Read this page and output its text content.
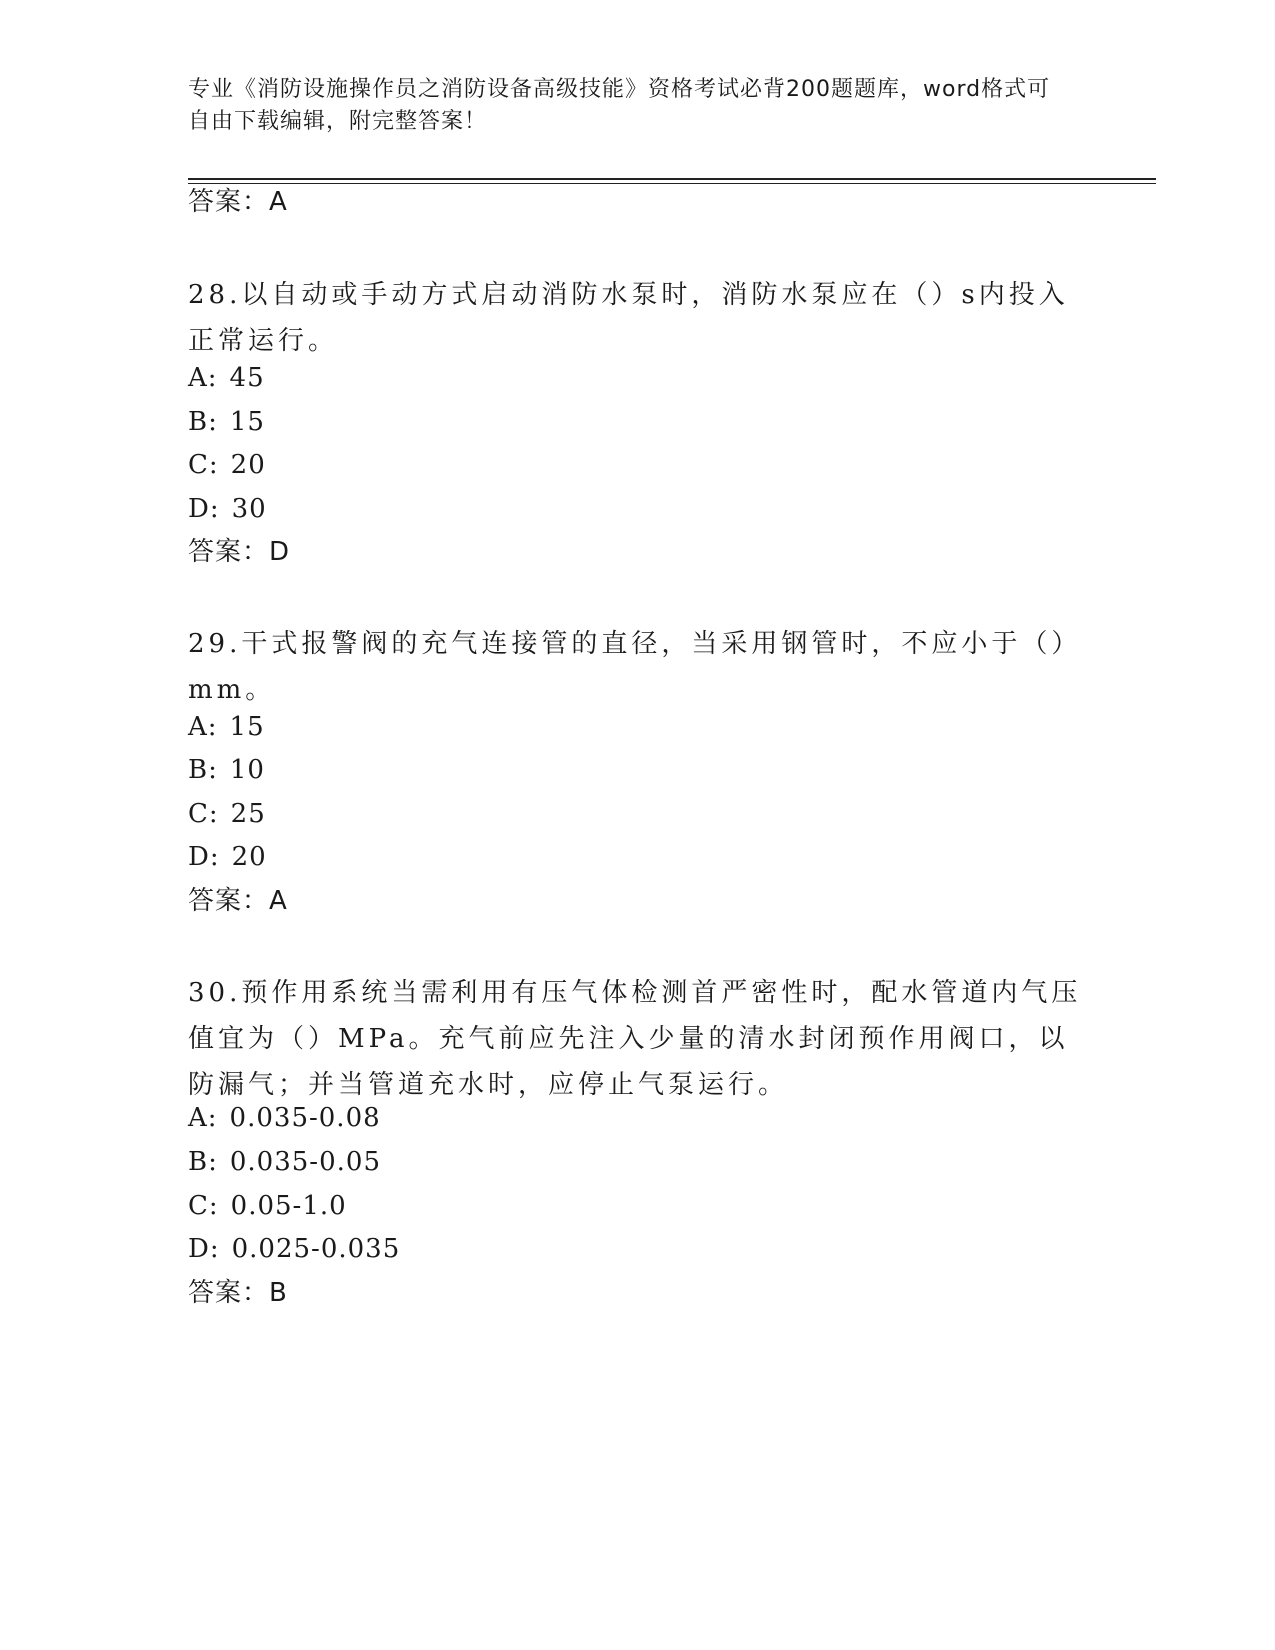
专业《消防设施操作员之消防设备高级技能》资格考试必背200题题库，word格式可自由下载编辑，附完整答案！
答案：A
28.以自动或手动方式启动消防水泵时，消防水泵应在（）s内投入正常运行。
A: 45
B: 15
C: 20
D: 30
答案：D
29.干式报警阀的充气连接管的直径，当采用钢管时，不应小于（）mm。
A: 15
B: 10
C: 25
D: 20
答案：A
30.预作用系统当需利用有压气体检测首严密性时，配水管道内气压值宜为（）MPa。充气前应先注入少量的清水封闭预作用阀口，以防漏气；并当管道充水时，应停止气泵运行。
A: 0.035-0.08
B: 0.035-0.05
C: 0.05-1.0
D: 0.025-0.035
答案：B
